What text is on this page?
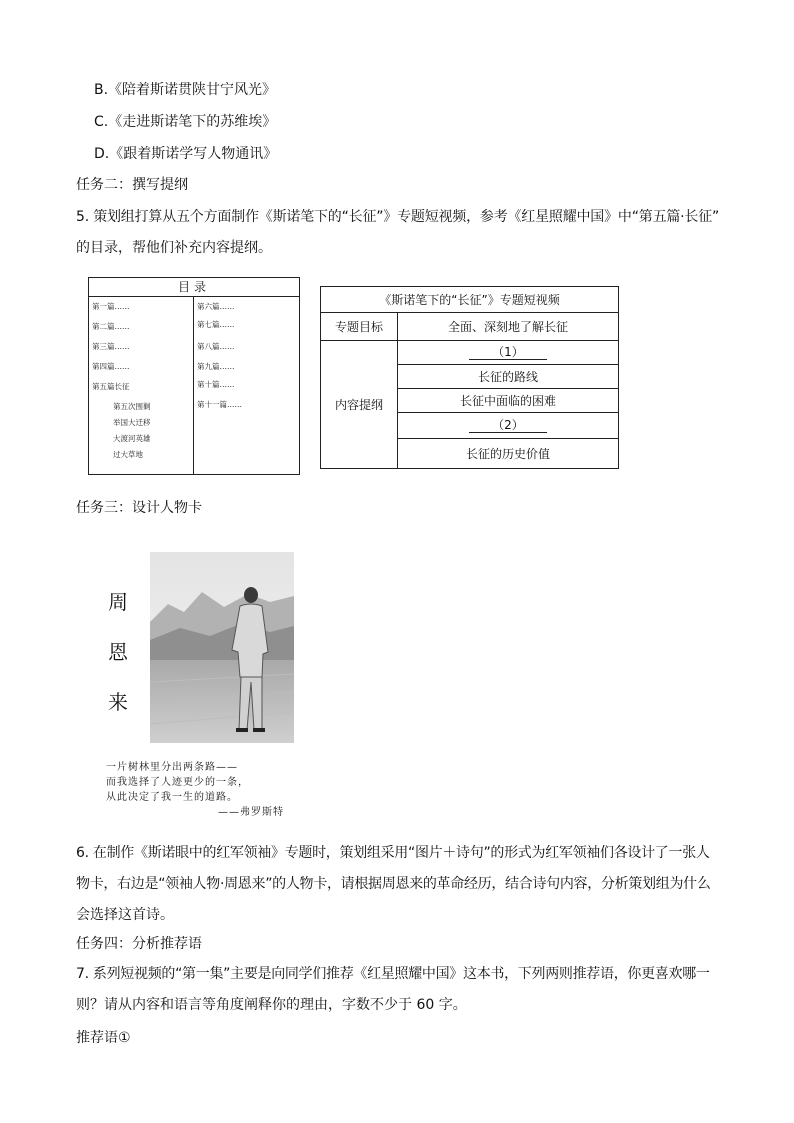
B.《陪着斯诺贯陕甘宁风光》
C.《走进斯诺笔下的苏维埃》
D.《跟着斯诺学写人物通讯》
任务二：撰写提纲
5. 策划组打算从五个方面制作《斯诺笔下的“长征”》专题短视频，参考《红星照耀中国》中“第五篇·长征”
的目录，帮他们补充内容提纲。
目录
第一篇……
第二篇……
第三篇……
第四篇……
第五篇长征
第五次围剿
举国大迁移
大渡河英雄
过大草地
第六篇……
第七篇……
第八篇……
第九篇……
第十篇……
第十一篇……
《斯诺笔下的“长征”》专题短视频	
专题目标	全面、深刻地了解长征
内容提纲	（1）
	长征的路线
	长征中面临的困难
	（2）
	长征的历史价值
任务三：设计人物卡
周
恩
来
一片树林里分出两条路——
而我选择了人迹更少的一条，
从此决定了我一生的道路。
——弗罗斯特
6. 在制作《斯诺眼中的红军领袖》专题时，策划组采用“图片＋诗句”的形式为红军领袖们各设计了一张人
物卡，右边是“领袖人物·周恩来”的人物卡，请根据周恩来的革命经历，结合诗句内容，分析策划组为什么
会选择这首诗。
任务四：分析推荐语
7. 系列短视频的“第一集”主要是向同学们推荐《红星照耀中国》这本书，下列两则推荐语，你更喜欢哪一
则？请从内容和语言等角度阐释你的理由，字数不少于 60 字。
推荐语①
